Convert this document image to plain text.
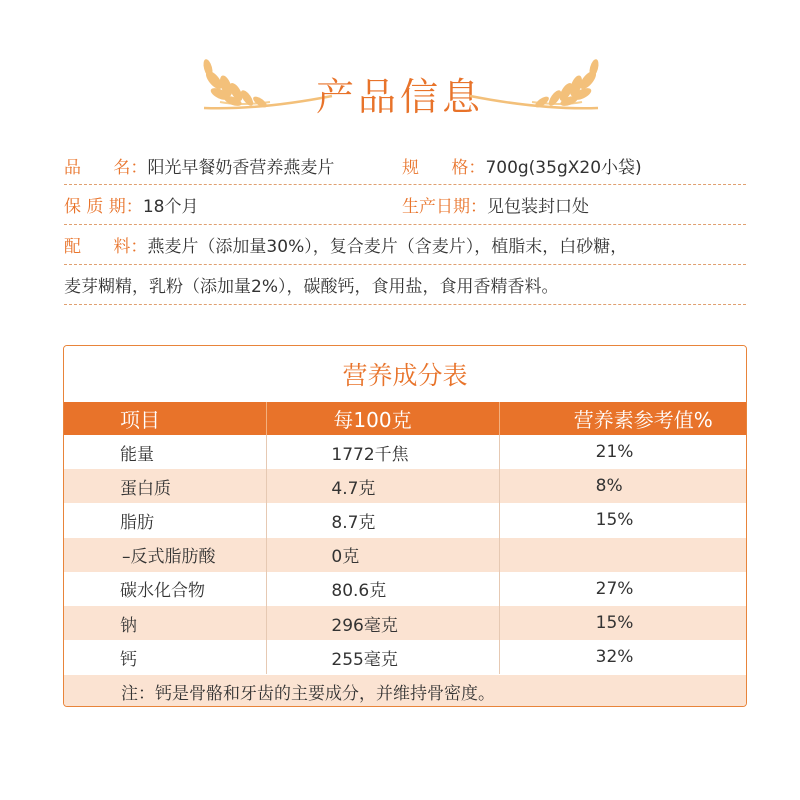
产品信息
品      名： 阳光早餐奶香营养燕麦片	规      格： 700g(35gX20小袋)
保 质 期： 18个月	生产日期： 见包装封口处
配      料： 燕麦片（添加量30%），复合麦片（含麦片），植脂末，白砂糖，
麦芽糊精，乳粉（添加量2%），碳酸钙，食用盐，食用香精香料。
营养成分表
项目	每100克	营养素参考值%
能量	1772千焦	21%
蛋白质	4.7克	8%
脂肪	8.7克	15%
–反式脂肪酸	0克
碳水化合物	80.6克	27%
钠	296毫克	15%
钙	255毫克	32%
注：钙是骨骼和牙齿的主要成分，并维持骨密度。
